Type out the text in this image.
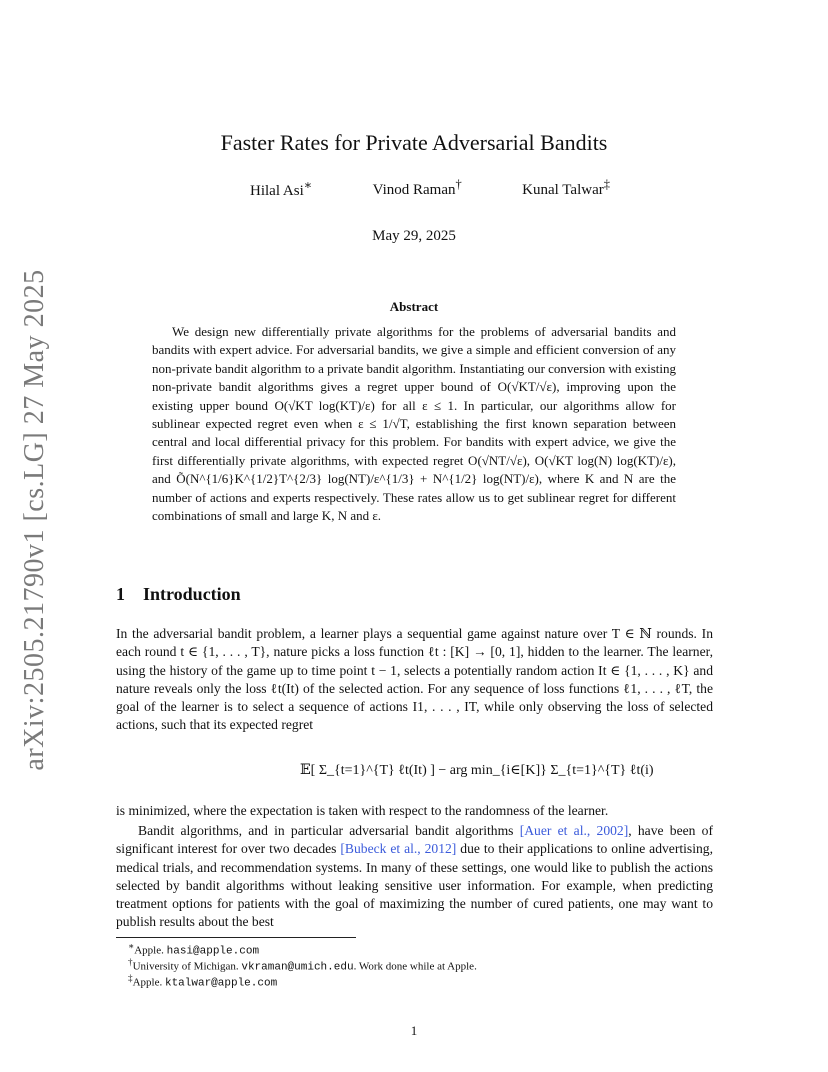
arXiv:2505.21790v1 [cs.LG] 27 May 2025
Faster Rates for Private Adversarial Bandits
Hilal Asi∗	Vinod Raman†	Kunal Talwar‡
May 29, 2025
Abstract

We design new differentially private algorithms for the problems of adversarial bandits and bandits with expert advice. For adversarial bandits, we give a simple and efficient conversion of any non-private bandit algorithm to a private bandit algorithm. Instantiating our conversion with existing non-private bandit algorithms gives a regret upper bound of O(√KT/√ε), improving upon the existing upper bound O(√KT log(KT)/ε) for all ε ≤ 1. In particular, our algorithms allow for sublinear expected regret even when ε ≤ 1/√T, establishing the first known separation between central and local differential privacy for this problem. For bandits with expert advice, we give the first differentially private algorithms, with expected regret O(√NT/√ε), O(√KT log(N) log(KT)/ε), and Õ(N^{1/6}K^{1/2}T^{2/3} log(NT)/ε^{1/3} + N^{1/2} log(NT)/ε), where K and N are the number of actions and experts respectively. These rates allow us to get sublinear regret for different combinations of small and large K, N and ε.

1 Introduction

In the adversarial bandit problem, a learner plays a sequential game against nature over T ∈ ℕ rounds. In each round t ∈ {1, . . . , T}, nature picks a loss function ℓt : [K] → [0, 1], hidden to the learner. The learner, using the history of the game up to time point t − 1, selects a potentially random action It ∈ {1, . . . , K} and nature reveals only the loss ℓt(It) of the selected action. For any sequence of loss functions ℓ1, . . . , ℓT, the goal of the learner is to select a sequence of actions I1, . . . , IT, while only observing the loss of selected actions, such that its expected regret

𝔼[ Σ_{t=1}^{T} ℓt(It) ] − arg min_{i∈[K]} Σ_{t=1}^{T} ℓt(i)

is minimized, where the expectation is taken with respect to the randomness of the learner.

Bandit algorithms, and in particular adversarial bandit algorithms [Auer et al., 2002], have been of significant interest for over two decades [Bubeck et al., 2012] due to their applications to online advertising, medical trials, and recommendation systems. In many of these settings, one would like to publish the actions selected by bandit algorithms without leaking sensitive user information. For example, when predicting treatment options for patients with the goal of maximizing the number of cured patients, one may want to publish results about the best

∗Apple. hasi@apple.com
†University of Michigan. vkraman@umich.edu. Work done while at Apple.
‡Apple. ktalwar@apple.com
1
